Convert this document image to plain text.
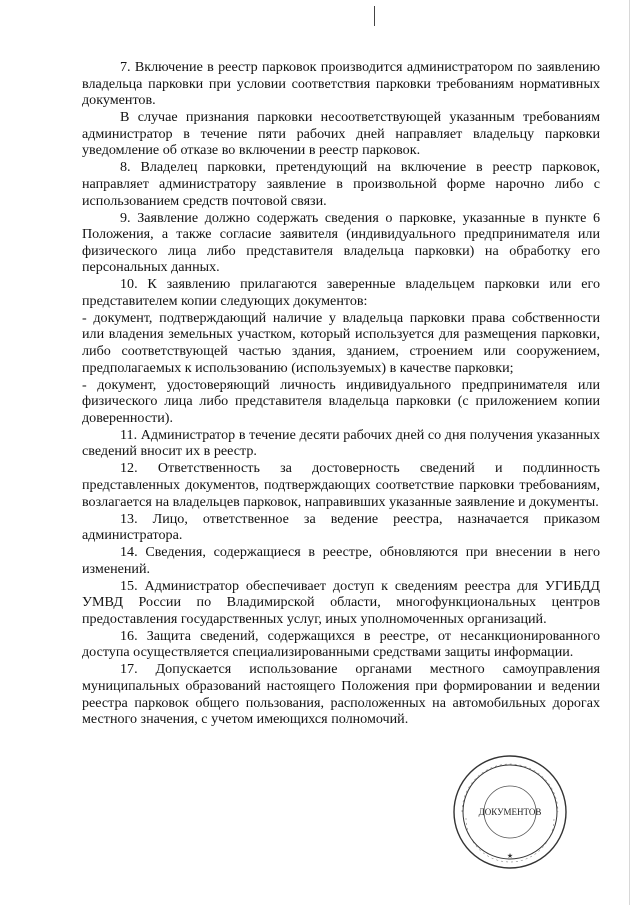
7. Включение в реестр парковок производится администратором по заявлению владельца парковки при условии соответствия парковки требованиям нормативных документов.

В случае признания парковки несоответствующей указанным требованиям администратор в течение пяти рабочих дней направляет владельцу парковки уведомление об отказе во включении в реестр парковок.

8. Владелец парковки, претендующий на включение в реестр парковок, направляет администратору заявление в произвольной форме нарочно либо с использованием средств почтовой связи.

9. Заявление должно содержать сведения о парковке, указанные в пункте 6 Положения, а также согласие заявителя (индивидуального предпринимателя или физического лица либо представителя владельца парковки) на обработку его персональных данных.

10. К заявлению прилагаются заверенные владельцем парковки или его представителем копии следующих документов:

- документ, подтверждающий наличие у владельца парковки права собственности или владения земельных участком, который используется для размещения парковки, либо соответствующей частью здания, зданием, строением или сооружением, предполагаемых к использованию (используемых) в качестве парковки;

- документ, удостоверяющий личность индивидуального предпринимателя или физического лица либо представителя владельца парковки (с приложением копии доверенности).

11. Администратор в течение десяти рабочих дней со дня получения указанных сведений вносит их в реестр.

12. Ответственность за достоверность сведений и подлинность представленных документов, подтверждающих соответствие парковки требованиям, возлагается на владельцев парковок, направивших указанные заявление и документы.

13. Лицо, ответственное за ведение реестра, назначается приказом администратора.

14. Сведения, содержащиеся в реестре, обновляются при внесении в него изменений.

15. Администратор обеспечивает доступ к сведениям реестра для УГИБДД УМВД России по Владимирской области, многофункциональных центров предоставления государственных услуг, иных уполномоченных организаций.

16. Защита сведений, содержащихся в реестре, от несанкционированного доступа осуществляется специализированными средствами защиты информации.

17. Допускается использование органами местного самоуправления муниципальных образований настоящего Положения при формировании и ведении реестра парковок общего пользования, расположенных на автомобильных дорогах местного значения, с учетом имеющихся полномочий.

ДОКУМЕНТОВ
★
